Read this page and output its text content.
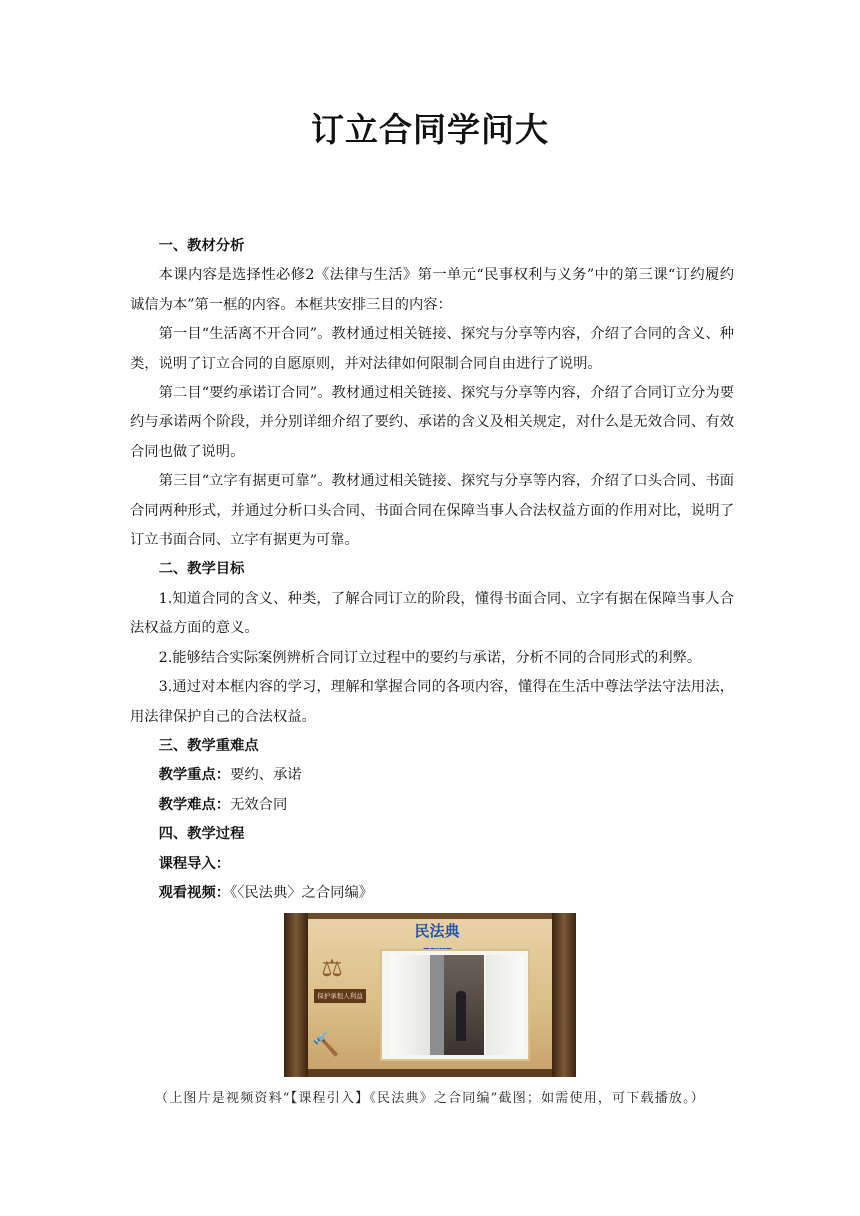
订立合同学问大
一、教材分析

本课内容是选择性必修2《法律与生活》第一单元“民事权利与义务”中的第三课“订约履约 诚信为本”第一框的内容。本框共安排三目的内容：

第一目“生活离不开合同”。教材通过相关链接、探究与分享等内容，介绍了合同的含义、种类，说明了订立合同的自愿原则，并对法律如何限制合同自由进行了说明。

第二目“要约承诺订合同”。教材通过相关链接、探究与分享等内容，介绍了合同订立分为要约与承诺两个阶段，并分别详细介绍了要约、承诺的含义及相关规定，对什么是无效合同、有效合同也做了说明。

第三目“立字有据更可靠”。教材通过相关链接、探究与分享等内容，介绍了口头合同、书面合同两种形式，并通过分析口头合同、书面合同在保障当事人合法权益方面的作用对比，说明了订立书面合同、立字有据更为可靠。

二、教学目标

1.知道合同的含义、种类，了解合同订立的阶段，懂得书面合同、立字有据在保障当事人合法权益方面的意义。

2.能够结合实际案例辨析合同订立过程中的要约与承诺，分析不同的合同形式的利弊。

3.通过对本框内容的学习，理解和掌握合同的各项内容，懂得在生活中尊法学法守法用法，用法律保护自己的合法权益。

三、教学重难点

教学重点：要约、承诺

教学难点：无效合同

四、教学过程

课程导入：

观看视频：《〈民法典〉之合同编》

⚖
保护承租人利益
🔨
民法典
（上图片是视频资料“【课程引入】《民法典》之合同编”截图；如需使用，可下载播放。）
